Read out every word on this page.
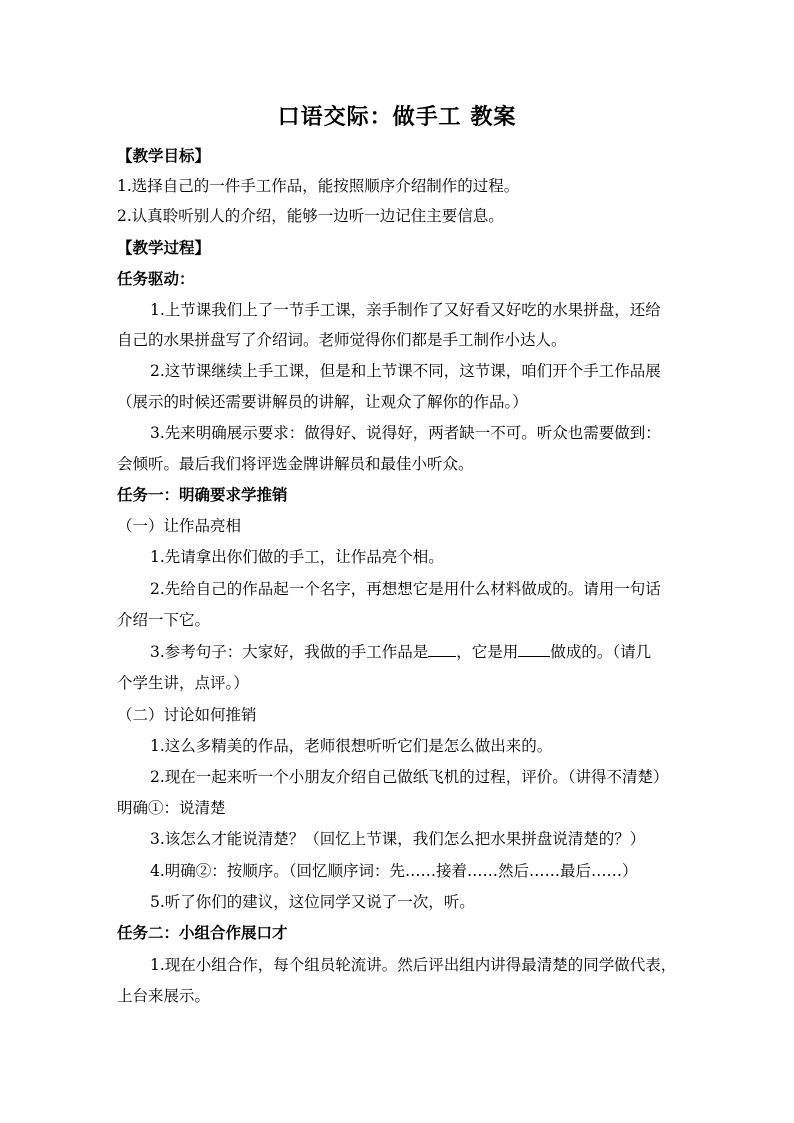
口语交际：做手工 教案
【教学目标】
1.选择自己的一件手工作品，能按照顺序介绍制作的过程。
2.认真聆听别人的介绍，能够一边听一边记住主要信息。
【教学过程】
任务驱动：
1.上节课我们上了一节手工课，亲手制作了又好看又好吃的水果拼盘，还给
自己的水果拼盘写了介绍词。老师觉得你们都是手工制作小达人。
2.这节课继续上手工课，但是和上节课不同，这节课，咱们开个手工作品展
（展示的时候还需要讲解员的讲解，让观众了解你的作品。）
3.先来明确展示要求：做得好、说得好，两者缺一不可。听众也需要做到：
会倾听。最后我们将评选金牌讲解员和最佳小听众。
任务一：明确要求学推销
（一）让作品亮相
1.先请拿出你们做的手工，让作品亮个相。
2.先给自己的作品起一个名字，再想想它是用什么材料做成的。请用一句话
介绍一下它。
3.参考句子：大家好，我做的手工作品是 ，它是用 做成的。（请几
个学生讲，点评。）
（二）讨论如何推销
1.这么多精美的作品，老师很想听听它们是怎么做出来的。
2.现在一起来听一个小朋友介绍自己做纸飞机的过程，评价。（讲得不清楚）
明确①：说清楚
3.该怎么才能说清楚？（回忆上节课，我们怎么把水果拼盘说清楚的？）
4.明确②：按顺序。（回忆顺序词：先……接着……然后……最后……）
5.听了你们的建议，这位同学又说了一次，听。
任务二：小组合作展口才
1.现在小组合作，每个组员轮流讲。然后评出组内讲得最清楚的同学做代表，
上台来展示。
